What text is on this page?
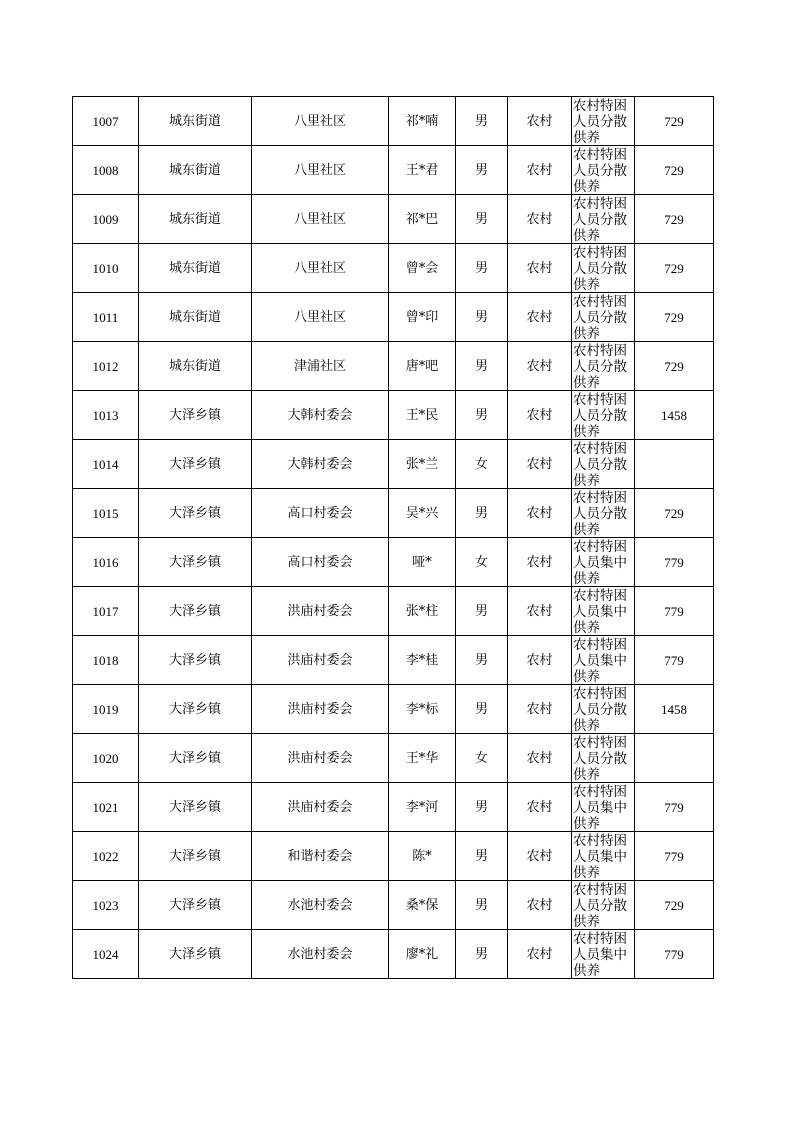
1007	城东街道	八里社区	祁*喃	男	农村	农村特困人员分散供养	729
1008	城东街道	八里社区	王*君	男	农村	农村特困人员分散供养	729
1009	城东街道	八里社区	祁*巴	男	农村	农村特困人员分散供养	729
1010	城东街道	八里社区	曾*会	男	农村	农村特困人员分散供养	729
1011	城东街道	八里社区	曾*印	男	农村	农村特困人员分散供养	729
1012	城东街道	津浦社区	唐*吧	男	农村	农村特困人员分散供养	729
1013	大泽乡镇	大韩村委会	王*民	男	农村	农村特困人员分散供养	1458
1014	大泽乡镇	大韩村委会	张*兰	女	农村	农村特困人员分散供养	

1015	大泽乡镇	高口村委会	吴*兴	男	农村	农村特困人员分散供养	729
1016	大泽乡镇	高口村委会	哑*	女	农村	农村特困人员集中供养	779
1017	大泽乡镇	洪庙村委会	张*柱	男	农村	农村特困人员集中供养	779
1018	大泽乡镇	洪庙村委会	李*桂	男	农村	农村特困人员集中供养	779
1019	大泽乡镇	洪庙村委会	李*标	男	农村	农村特困人员分散供养	1458
1020	大泽乡镇	洪庙村委会	王*华	女	农村	农村特困人员分散供养	

1021	大泽乡镇	洪庙村委会	李*河	男	农村	农村特困人员集中供养	779
1022	大泽乡镇	和谐村委会	陈*	男	农村	农村特困人员集中供养	779
1023	大泽乡镇	水池村委会	桑*保	男	农村	农村特困人员分散供养	729
1024	大泽乡镇	水池村委会	廖*礼	男	农村	农村特困人员集中供养	779
